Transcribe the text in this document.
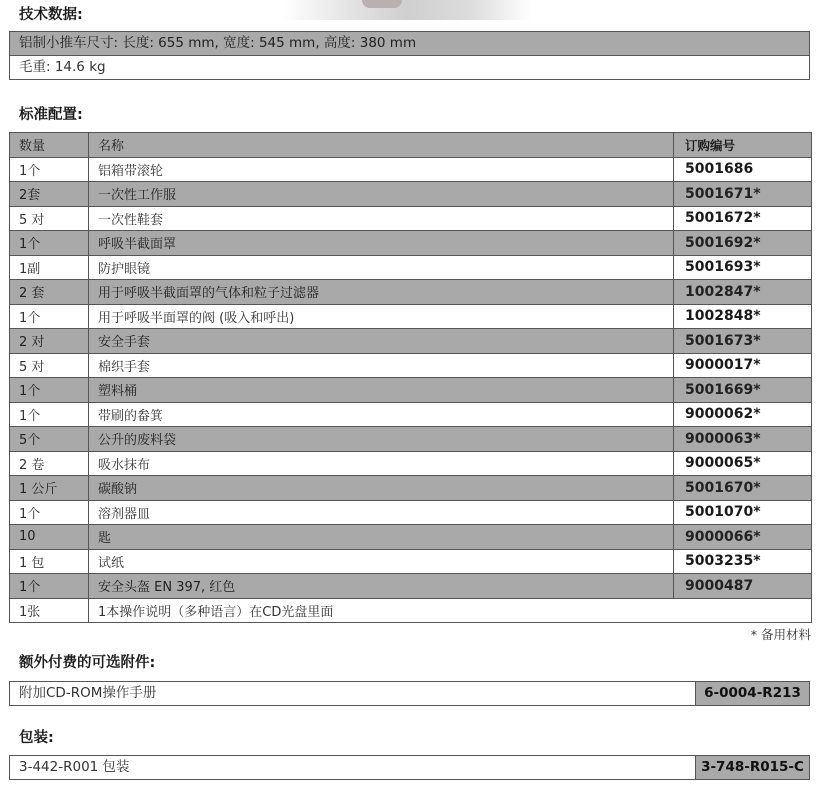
技术数据:
铝制小推车尺寸: 长度: 655 mm, 宽度: 545 mm, 高度: 380 mm
毛重: 14.6 kg
标准配置:
数量	名称	订购编号
1个	铝箱带滚轮	5001686
2套	一次性工作服	5001671*
5 对	一次性鞋套	5001672*
1个	呼吸半截面罩	5001692*
1副	防护眼镜	5001693*
2 套	用于呼吸半截面罩的气体和粒子过滤器	1002847*
1个	用于呼吸半面罩的阀 (吸入和呼出)	1002848*
2 对	安全手套	5001673*
5 对	棉织手套	9000017*
1个	塑料桶	5001669*
1个	带刷的畚箕	9000062*
5个	公升的废料袋	9000063*
2 卷	吸水抹布	9000065*
1 公斤	碳酸钠	5001670*
1个	溶剂器皿	5001070*
10	匙	9000066*
1 包	试纸	5003235*
1个	安全头盔 EN 397, 红色	9000487
1张	1本操作说明（多种语言）在CD光盘里面	
* 备用材料
额外付费的可选附件:
附加CD-ROM操作手册	6-0004-R213
包装:
3-442-R001 包装	3-748-R015-C
